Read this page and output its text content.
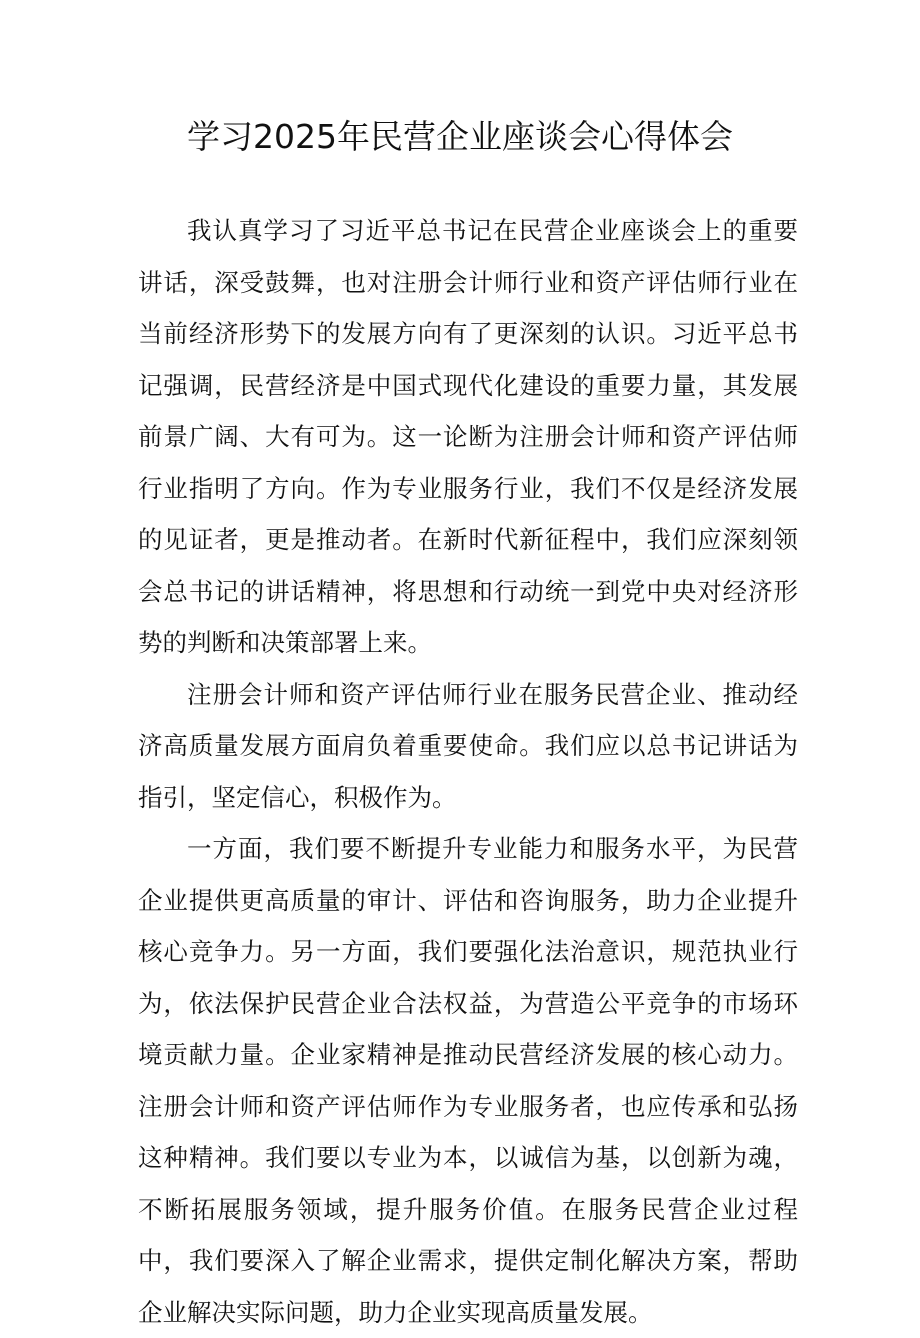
学习2025年民营企业座谈会心得体会

我认真学习了习近平总书记在民营企业座谈会上的重要讲话，深受鼓舞，也对注册会计师行业和资产评估师行业在当前经济形势下的发展方向有了更深刻的认识。习近平总书记强调，民营经济是中国式现代化建设的重要力量，其发展前景广阔、大有可为。这一论断为注册会计师和资产评估师行业指明了方向。作为专业服务行业，我们不仅是经济发展的见证者，更是推动者。在新时代新征程中，我们应深刻领会总书记的讲话精神，将思想和行动统一到党中央对经济形势的判断和决策部署上来。

注册会计师和资产评估师行业在服务民营企业、推动经济高质量发展方面肩负着重要使命。我们应以总书记讲话为指引，坚定信心，积极作为。

一方面，我们要不断提升专业能力和服务水平，为民营企业提供更高质量的审计、评估和咨询服务，助力企业提升核心竞争力。另一方面，我们要强化法治意识，规范执业行为，依法保护民营企业合法权益，为营造公平竞争的市场环境贡献力量。企业家精神是推动民营经济发展的核心动力。注册会计师和资产评估师作为专业服务者，也应传承和弘扬这种精神。我们要以专业为本，以诚信为基，以创新为魂，不断拓展服务领域，提升服务价值。在服务民营企业过程中，我们要深入了解企业需求，提供定制化解决方案，帮助企业解决实际问题，助力企业实现高质量发展。
